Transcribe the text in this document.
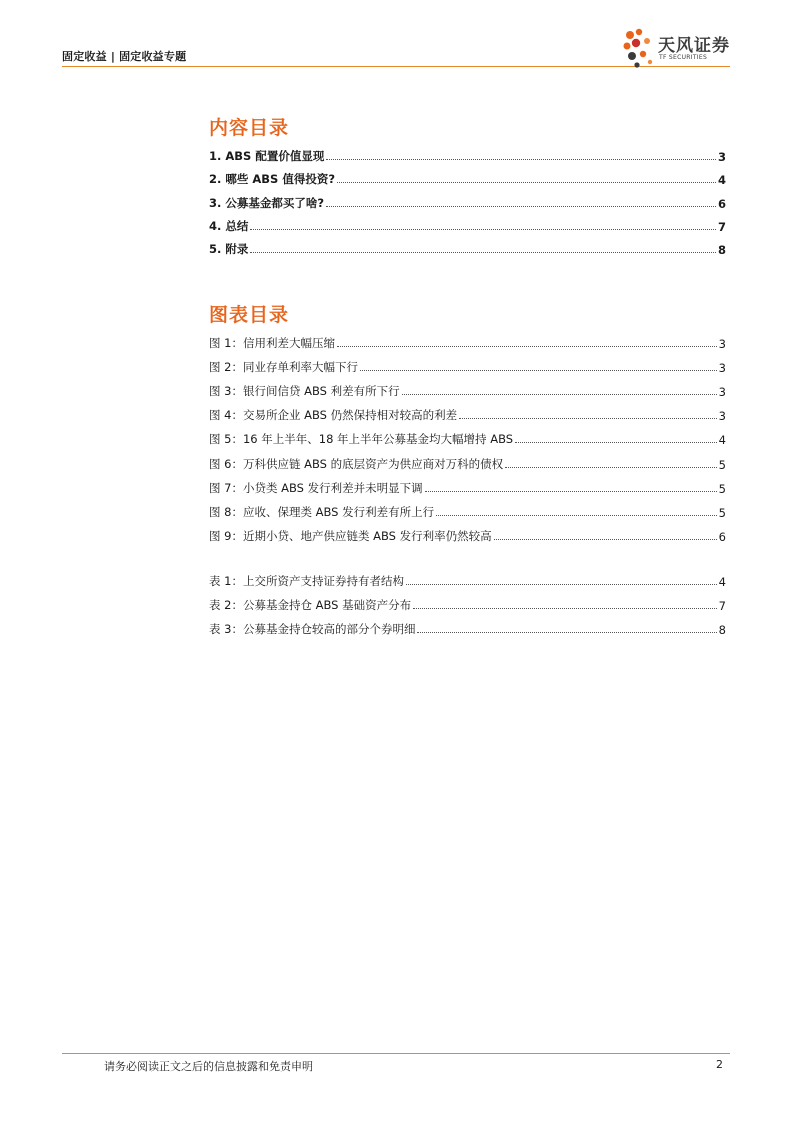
固定收益 | 固定收益专题
天风证券
TF SECURITIES
内容目录
1. ABS 配置价值显现	3
2. 哪些 ABS 值得投资?	4
3. 公募基金都买了啥?	6
4. 总结	7
5. 附录	8
图表目录
图 1：信用利差大幅压缩	3
图 2：同业存单利率大幅下行	3
图 3：银行间信贷 ABS 利差有所下行	3
图 4：交易所企业 ABS 仍然保持相对较高的利差	3
图 5：16 年上半年、18 年上半年公募基金均大幅增持 ABS	4
图 6：万科供应链 ABS 的底层资产为供应商对万科的债权	5
图 7：小贷类 ABS 发行利差并未明显下调	5
图 8：应收、保理类 ABS 发行利差有所上行	5
图 9：近期小贷、地产供应链类 ABS 发行利率仍然较高	6
表 1：上交所资产支持证券持有者结构	4
表 2：公募基金持仓 ABS 基础资产分布	7
表 3：公募基金持仓较高的部分个券明细	8
请务必阅读正文之后的信息披露和免责申明	2
